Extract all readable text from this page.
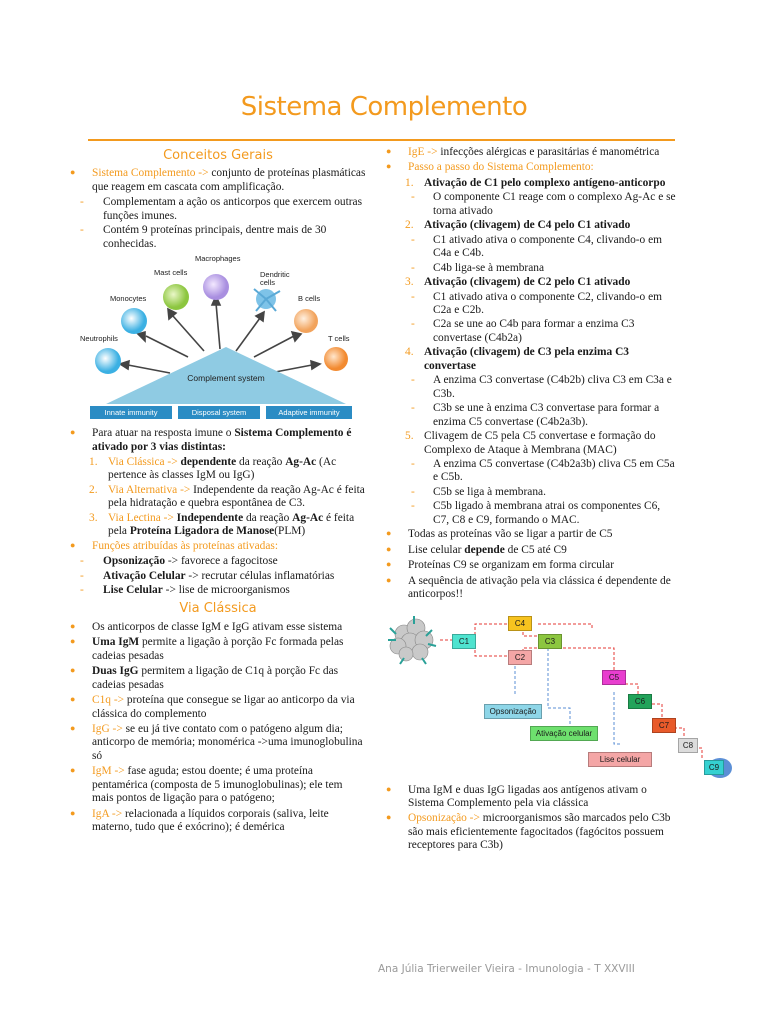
Sistema Complemento
Conceitos Gerais
● Sistema Complemento -> conjunto de proteínas plasmáticas que reagem em cascata com amplificação.
- Complementam a ação os anticorpos que exercem outras funções imunes.
- Contém 9 proteínas principais, dentre mais de 30 conhecidas.
Macrophages
Mast cells	Dendritic cells
Monocytes	B cells
Neutrophils	T cells
Complement system
Innate immunity	Disposal system	Adaptive immunity
● Para atuar na resposta imune o Sistema Complemento é ativado por 3 vias distintas:
1. Via Clássica -> dependente da reação Ag-Ac (Ac pertence às classes IgM ou IgG)
2. Via Alternativa -> Independente da reação Ag-Ac é feita pela hidratação e quebra espontânea de C3.
3. Via Lectina -> Independente da reação Ag-Ac é feita pela Proteína Ligadora de Manose(PLM)
● Funções atribuídas às proteínas ativadas:
- Opsonização -> favorece a fagocitose
- Ativação Celular -> recrutar células inflamatórias
- Lise Celular -> lise de microorganismos
Via Clássica
● Os anticorpos de classe IgM e IgG ativam esse sistema
● Uma IgM permite a ligação à porção Fc formada pelas cadeias pesadas
● Duas IgG permitem a ligação de C1q à porção Fc das cadeias pesadas
● C1q -> proteína que consegue se ligar ao anticorpo da via clássica do complemento
● IgG -> se eu já tive contato com o patógeno algum dia; anticorpo de memória; monomérica ->uma imunoglobulina só
● IgM -> fase aguda; estou doente; é uma proteína pentamérica (composta de 5 imunoglobulinas); ele tem mais pontos de ligação para o patógeno;
● IgA -> relacionada a líquidos corporais (saliva, leite materno, tudo que é exócrino); é demérica
● IgE -> infecções alérgicas e parasitárias é manométrica
● Passo a passo do Sistema Complemento:
1. Ativação de C1 pelo complexo antígeno-anticorpo
- O componente C1 reage com o complexo Ag-Ac e se torna ativado
2. Ativação (clivagem) de C4 pelo C1 ativado
- C1 ativado ativa o componente C4, clivando-o em C4a e C4b.
- C4b liga-se à membrana
3. Ativação (clivagem) de C2 pelo C1 ativado
- C1 ativado ativa o componente C2, clivando-o em C2a e C2b.
- C2a se une ao C4b para formar a enzima C3 convertase (C4b2a)
4. Ativação (clivagem) de C3 pela enzima C3 convertase
- A enzima C3 convertase (C4b2b) cliva C3 em C3a e C3b.
- C3b se une à enzima C3 convertase para formar a enzima C5 convertase (C4b2a3b).
5. Clivagem de C5 pela C5 convertase e formação do Complexo de Ataque à Membrana (MAC)
- A enzima C5 convertase (C4b2a3b) cliva C5 em C5a e C5b.
- C5b se liga à membrana.
- C5b ligado à membrana atrai os componentes C6, C7, C8 e C9, formando o MAC.
● Todas as proteínas vão se ligar a partir de C5
● Lise celular depende de C5 até C9
● Proteínas C9 se organizam em forma circular
● A sequência de ativação pela via clássica é dependente de anticorpos!!
C1
C4
C3
C2
C5
C6
C7
C8
C9
Opsonização
Ativação celular
Lise celular
● Uma IgM e duas IgG ligadas aos antígenos ativam o Sistema Complemento pela via clássica
● Opsonização -> microorganismos são marcados pelo C3b são mais eficientemente fagocitados (fagócitos possuem receptores para C3b)
Ana Júlia Trierweiler Vieira - Imunologia - T XXVIII
